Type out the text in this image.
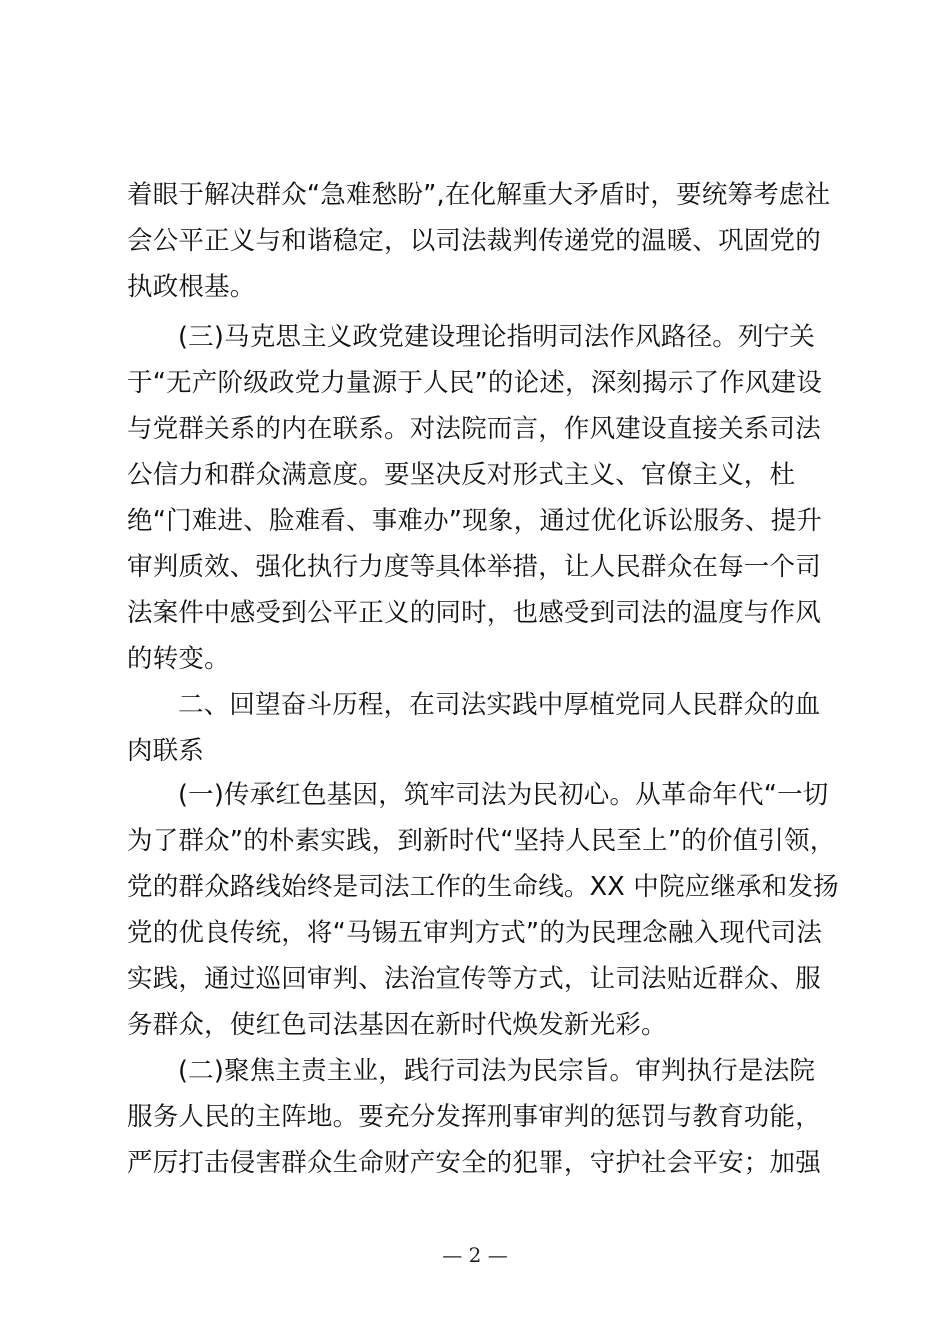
着眼于解决群众“急难愁盼”,在化解重大矛盾时，要统筹考虑社
会公平正义与和谐稳定，以司法裁判传递党的温暖、巩固党的
执政根基。
(三)马克思主义政党建设理论指明司法作风路径。列宁关
于“无产阶级政党力量源于人民”的论述，深刻揭示了作风建设
与党群关系的内在联系。对法院而言，作风建设直接关系司法
公信力和群众满意度。要坚决反对形式主义、官僚主义，杜
绝“门难进、脸难看、事难办”现象，通过优化诉讼服务、提升
审判质效、强化执行力度等具体举措，让人民群众在每一个司
法案件中感受到公平正义的同时，也感受到司法的温度与作风
的转变。
二、回望奋斗历程，在司法实践中厚植党同人民群众的血
肉联系
(一)传承红色基因，筑牢司法为民初心。从革命年代“一切
为了群众”的朴素实践，到新时代“坚持人民至上”的价值引领，
党的群众路线始终是司法工作的生命线。XX 中院应继承和发扬
党的优良传统，将“马锡五审判方式”的为民理念融入现代司法
实践，通过巡回审判、法治宣传等方式，让司法贴近群众、服
务群众，使红色司法基因在新时代焕发新光彩。
(二)聚焦主责主业，践行司法为民宗旨。审判执行是法院
服务人民的主阵地。要充分发挥刑事审判的惩罚与教育功能，
严厉打击侵害群众生命财产安全的犯罪，守护社会平安；加强
— 2 —
